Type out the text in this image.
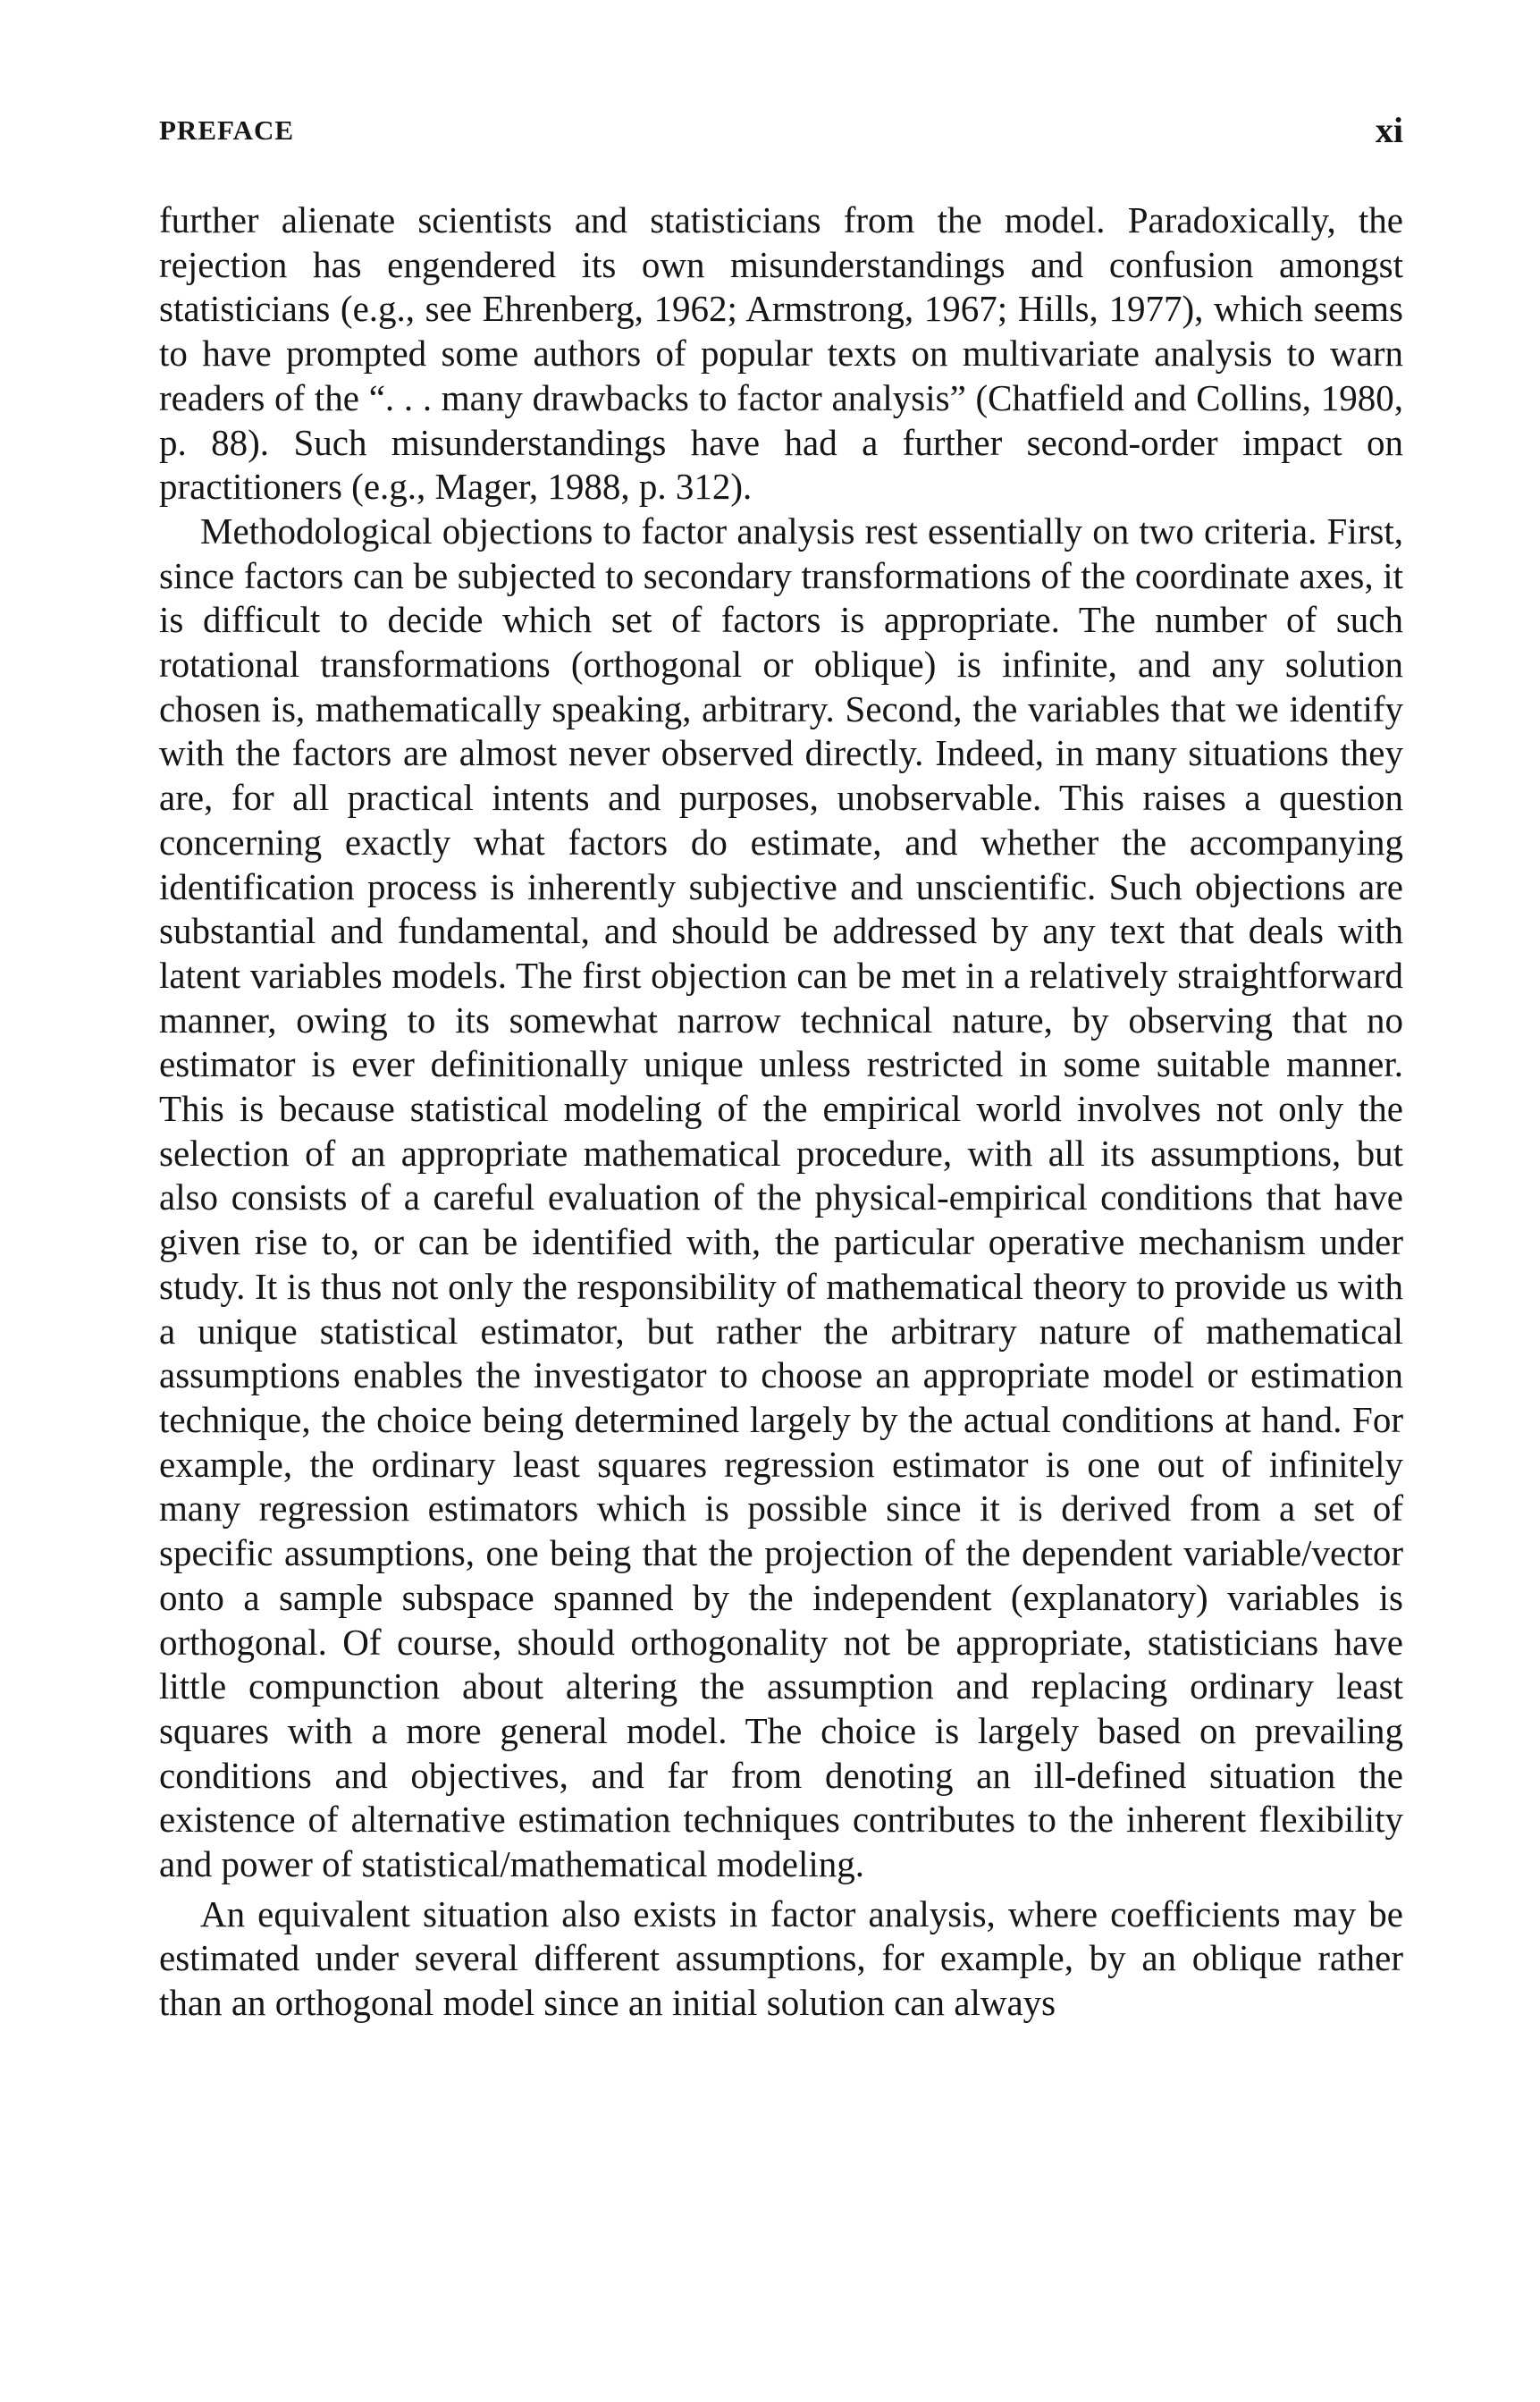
PREFACE	xi

further alienate scientists and statisticians from the model. Paradoxically, the rejection has engendered its own misunderstandings and confusion amongst statisticians (e.g., see Ehrenberg, 1962; Armstrong, 1967; Hills, 1977), which seems to have prompted some authors of popular texts on multivariate analysis to warn readers of the “. . . many drawbacks to factor analysis” (Chatfield and Collins, 1980, p. 88). Such misunderstandings have had a further second-order impact on practitioners (e.g., Mager, 1988, p. 312).

Methodological objections to factor analysis rest essentially on two criteria. First, since factors can be subjected to secondary transformations of the coordinate axes, it is difficult to decide which set of factors is appropriate. The number of such rotational transformations (orthogonal or oblique) is infinite, and any solution chosen is, mathematically speaking, arbitrary. Second, the variables that we identify with the factors are almost never observed directly. Indeed, in many situations they are, for all practical intents and purposes, unobservable. This raises a question concerning exactly what factors do estimate, and whether the accompanying identification process is inherently subjective and unscientific. Such objections are substantial and fundamental, and should be addressed by any text that deals with latent variables models. The first objection can be met in a relatively straightforward manner, owing to its somewhat narrow technical nature, by observing that no estimator is ever definitionally unique unless restricted in some suitable manner. This is because statistical modeling of the empirical world involves not only the selection of an appropriate mathematical procedure, with all its assumptions, but also consists of a careful evaluation of the physical-empirical conditions that have given rise to, or can be identified with, the particular operative mechanism under study. It is thus not only the responsibility of mathematical theory to provide us with a unique statistical estimator, but rather the arbitrary nature of mathematical assumptions enables the investigator to choose an appropriate model or estimation technique, the choice being determined largely by the actual conditions at hand. For example, the ordinary least squares regression estimator is one out of infinitely many regression estimators which is possible since it is derived from a set of specific assumptions, one being that the projection of the dependent variable/vector onto a sample subspace spanned by the independent (explanatory) variables is orthogonal. Of course, should orthogonality not be appropriate, statisticians have little compunction about altering the assumption and replacing ordinary least squares with a more general model. The choice is largely based on prevailing conditions and objectives, and far from denoting an ill-defined situation the existence of alternative estimation techniques contributes to the inherent flexibility and power of statistical/mathematical modeling.

An equivalent situation also exists in factor analysis, where coefficients may be estimated under several different assumptions, for example, by an oblique rather than an orthogonal model since an initial solution can always
